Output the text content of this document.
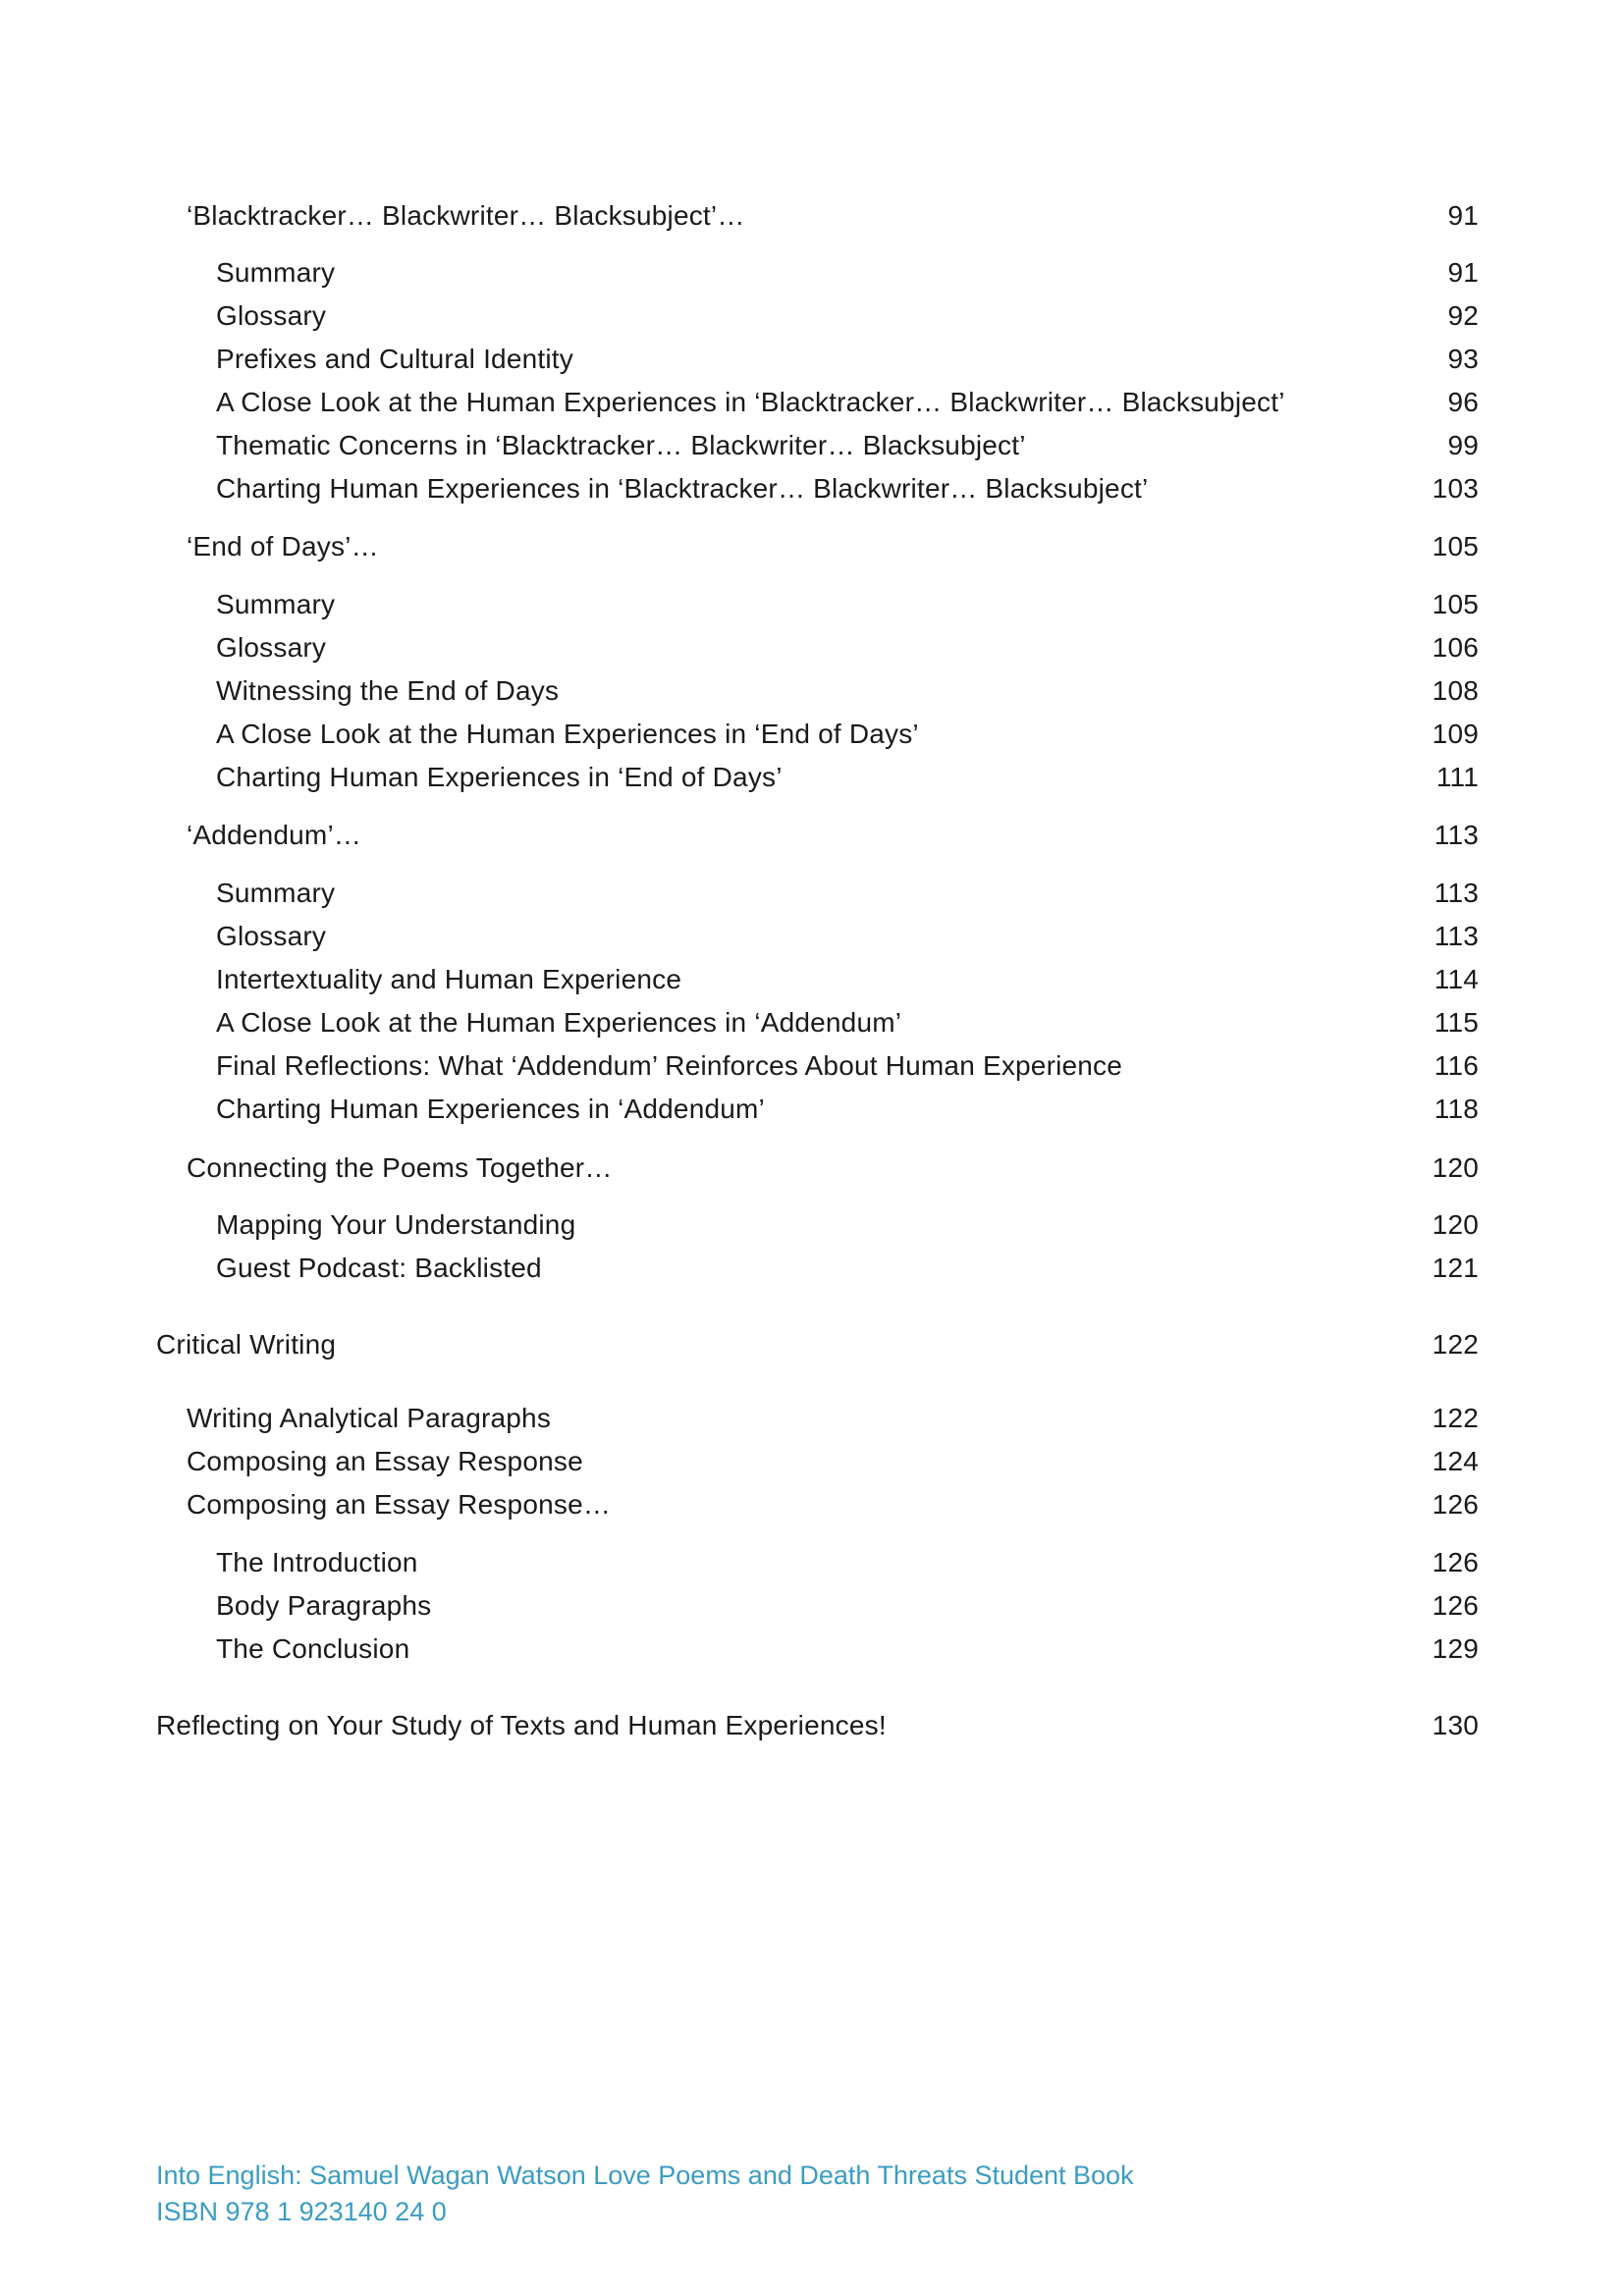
‘Blacktracker… Blackwriter… Blacksubject’…	91
Summary	91
Glossary	92
Prefixes and Cultural Identity	93
A Close Look at the Human Experiences in ‘Blacktracker… Blackwriter… Blacksubject’	96
Thematic Concerns in ‘Blacktracker… Blackwriter… Blacksubject’	99
Charting Human Experiences in ‘Blacktracker… Blackwriter… Blacksubject’	103
‘End of Days’…	105
Summary	105
Glossary	106
Witnessing the End of Days	108
A Close Look at the Human Experiences in ‘End of Days’	109
Charting Human Experiences in ‘End of Days’	111
‘Addendum’…	113
Summary	113
Glossary	113
Intertextuality and Human Experience	114
A Close Look at the Human Experiences in ‘Addendum’	115
Final Reflections: What ‘Addendum’ Reinforces About Human Experience	116
Charting Human Experiences in ‘Addendum’	118
Connecting the Poems Together…	120
Mapping Your Understanding	120
Guest Podcast: Backlisted	121
Critical Writing	122
Writing Analytical Paragraphs	122
Composing an Essay Response	124
Composing an Essay Response…	126
The Introduction	126
Body Paragraphs	126
The Conclusion	129
Reflecting on Your Study of Texts and Human Experiences!	130
Into English: Samuel Wagan Watson Love Poems and Death Threats Student Book
ISBN 978 1 923140 24 0
